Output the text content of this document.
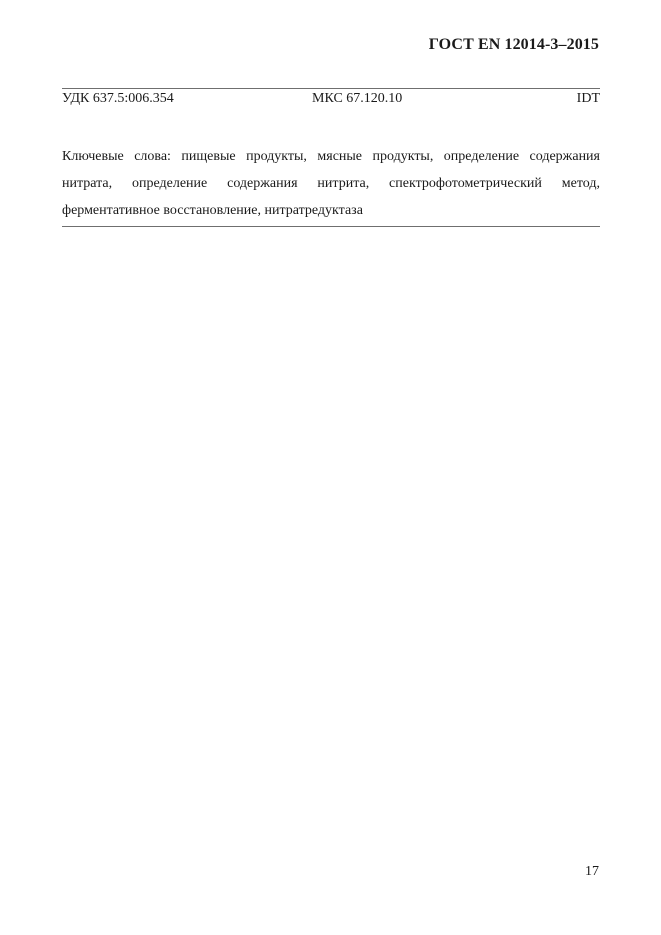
ГОСТ EN 12014-3–2015
УДК 637.5:006.354	МКС 67.120.10	IDT

Ключевые слова: пищевые продукты, мясные продукты, определение содержания нитрата, определение содержания нитрита, спектрофотометрический метод, ферментативное восстановление, нитратредуктаза

17
